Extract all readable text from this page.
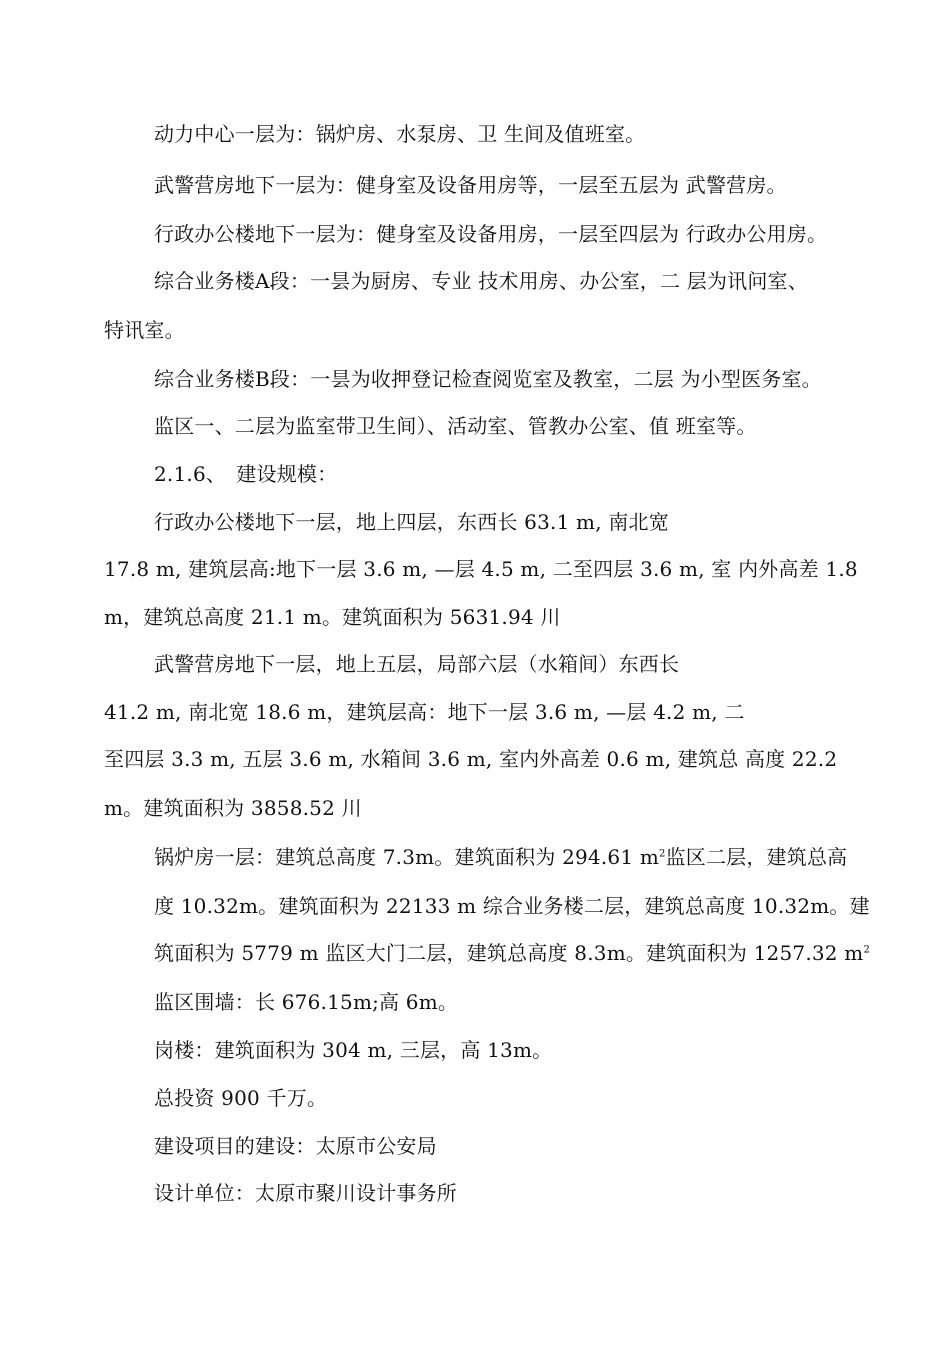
动力中心一层为：锅炉房、水泵房、卫 生间及值班室。
武警营房地下一层为：健身室及设备用房等，一层至五层为 武警营房。
行政办公楼地下一层为：健身室及设备用房，一层至四层为 行政办公用房。
综合业务楼A段：一昙为厨房、专业 技术用房、办公室，二 层为讯问室、
特讯室。
综合业务楼B段：一昙为收押登记检查阅览室及教室，二层 为小型医务室。
监区一、二层为监室带卫生间）、活动室、管教办公室、值 班室等。
2.1.6、　建设规模：
行政办公楼地下一层，地上四层，东西长 63.1 m, 南北宽
17.8 m, 建筑层高:地下一层 3.6 m, —层 4.5 m, 二至四层 3.6 m, 室 内外高差 1.8
m，建筑总高度 21.1 m。建筑面积为 5631.94 川
武警营房地下一层，地上五层，局部六层（水箱间）东西长
41.2 m, 南北宽 18.6 m，建筑层高：地下一层 3.6 m, —层 4.2 m, 二
至四层 3.3 m, 五层 3.6 m, 水箱间 3.6 m, 室内外高差 0.6 m, 建筑总 高度 22.2
m。建筑面积为 3858.52 川
锅炉房一层：建筑总高度 7.3m。建筑面积为 294.61 $m^2$监区二层，建筑总高
度 10.32m。建筑面积为 22133 m 综合业务楼二层，建筑总高度 10.32m。建
筑面积为 5779 m 监区大门二层，建筑总高度 8.3m。建筑面积为 1257.32 $m^2$
监区围墙：长 676.15m;高 6m。
岗楼：建筑面积为 304 m, 三层，高 13m。
总投资 900 千万。
建设项目的建设：太原市公安局
设计单位：太原市聚川设计事务所
